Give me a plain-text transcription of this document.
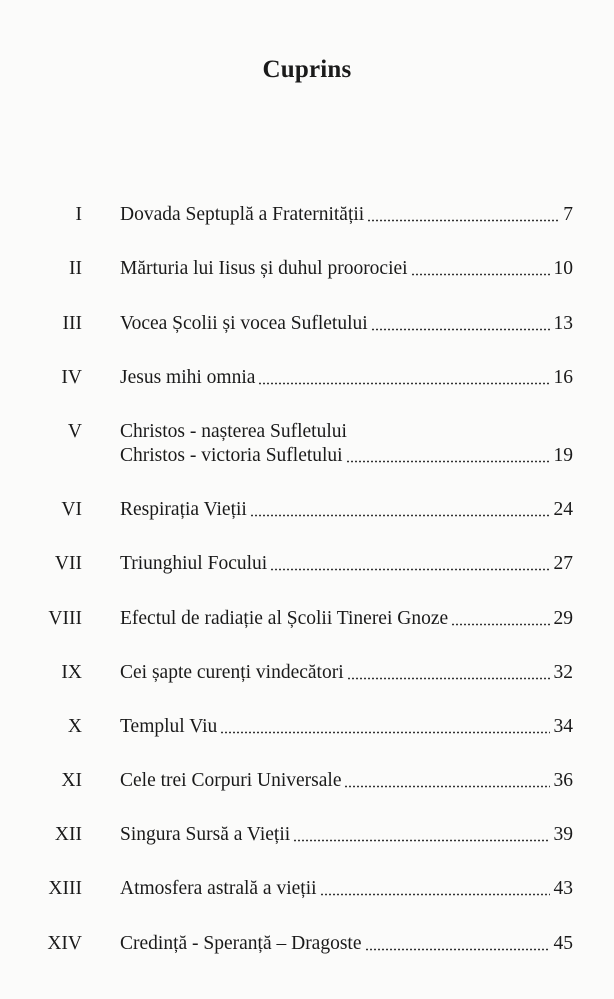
Cuprins
I Dovada Septuplă a Fraternității	7
II Mărturia lui Iisus și duhul proorociei	10
III Vocea Școlii și vocea Sufletului	13
IV Jesus mihi omnia	16
V Christos - nașterea Sufletului
Christos - victoria Sufletului	19
VI Respirația Vieții	24
VII Triunghiul Focului	27
VIII Efectul de radiație al Școlii Tinerei Gnoze	29
IX Cei șapte curenți vindecători	32
X Templul Viu	34
XI Cele trei Corpuri Universale	36
XII Singura Sursă a Vieții	39
XIII Atmosfera astrală a vieții	43
XIV Credință - Speranță – Dragoste	45
